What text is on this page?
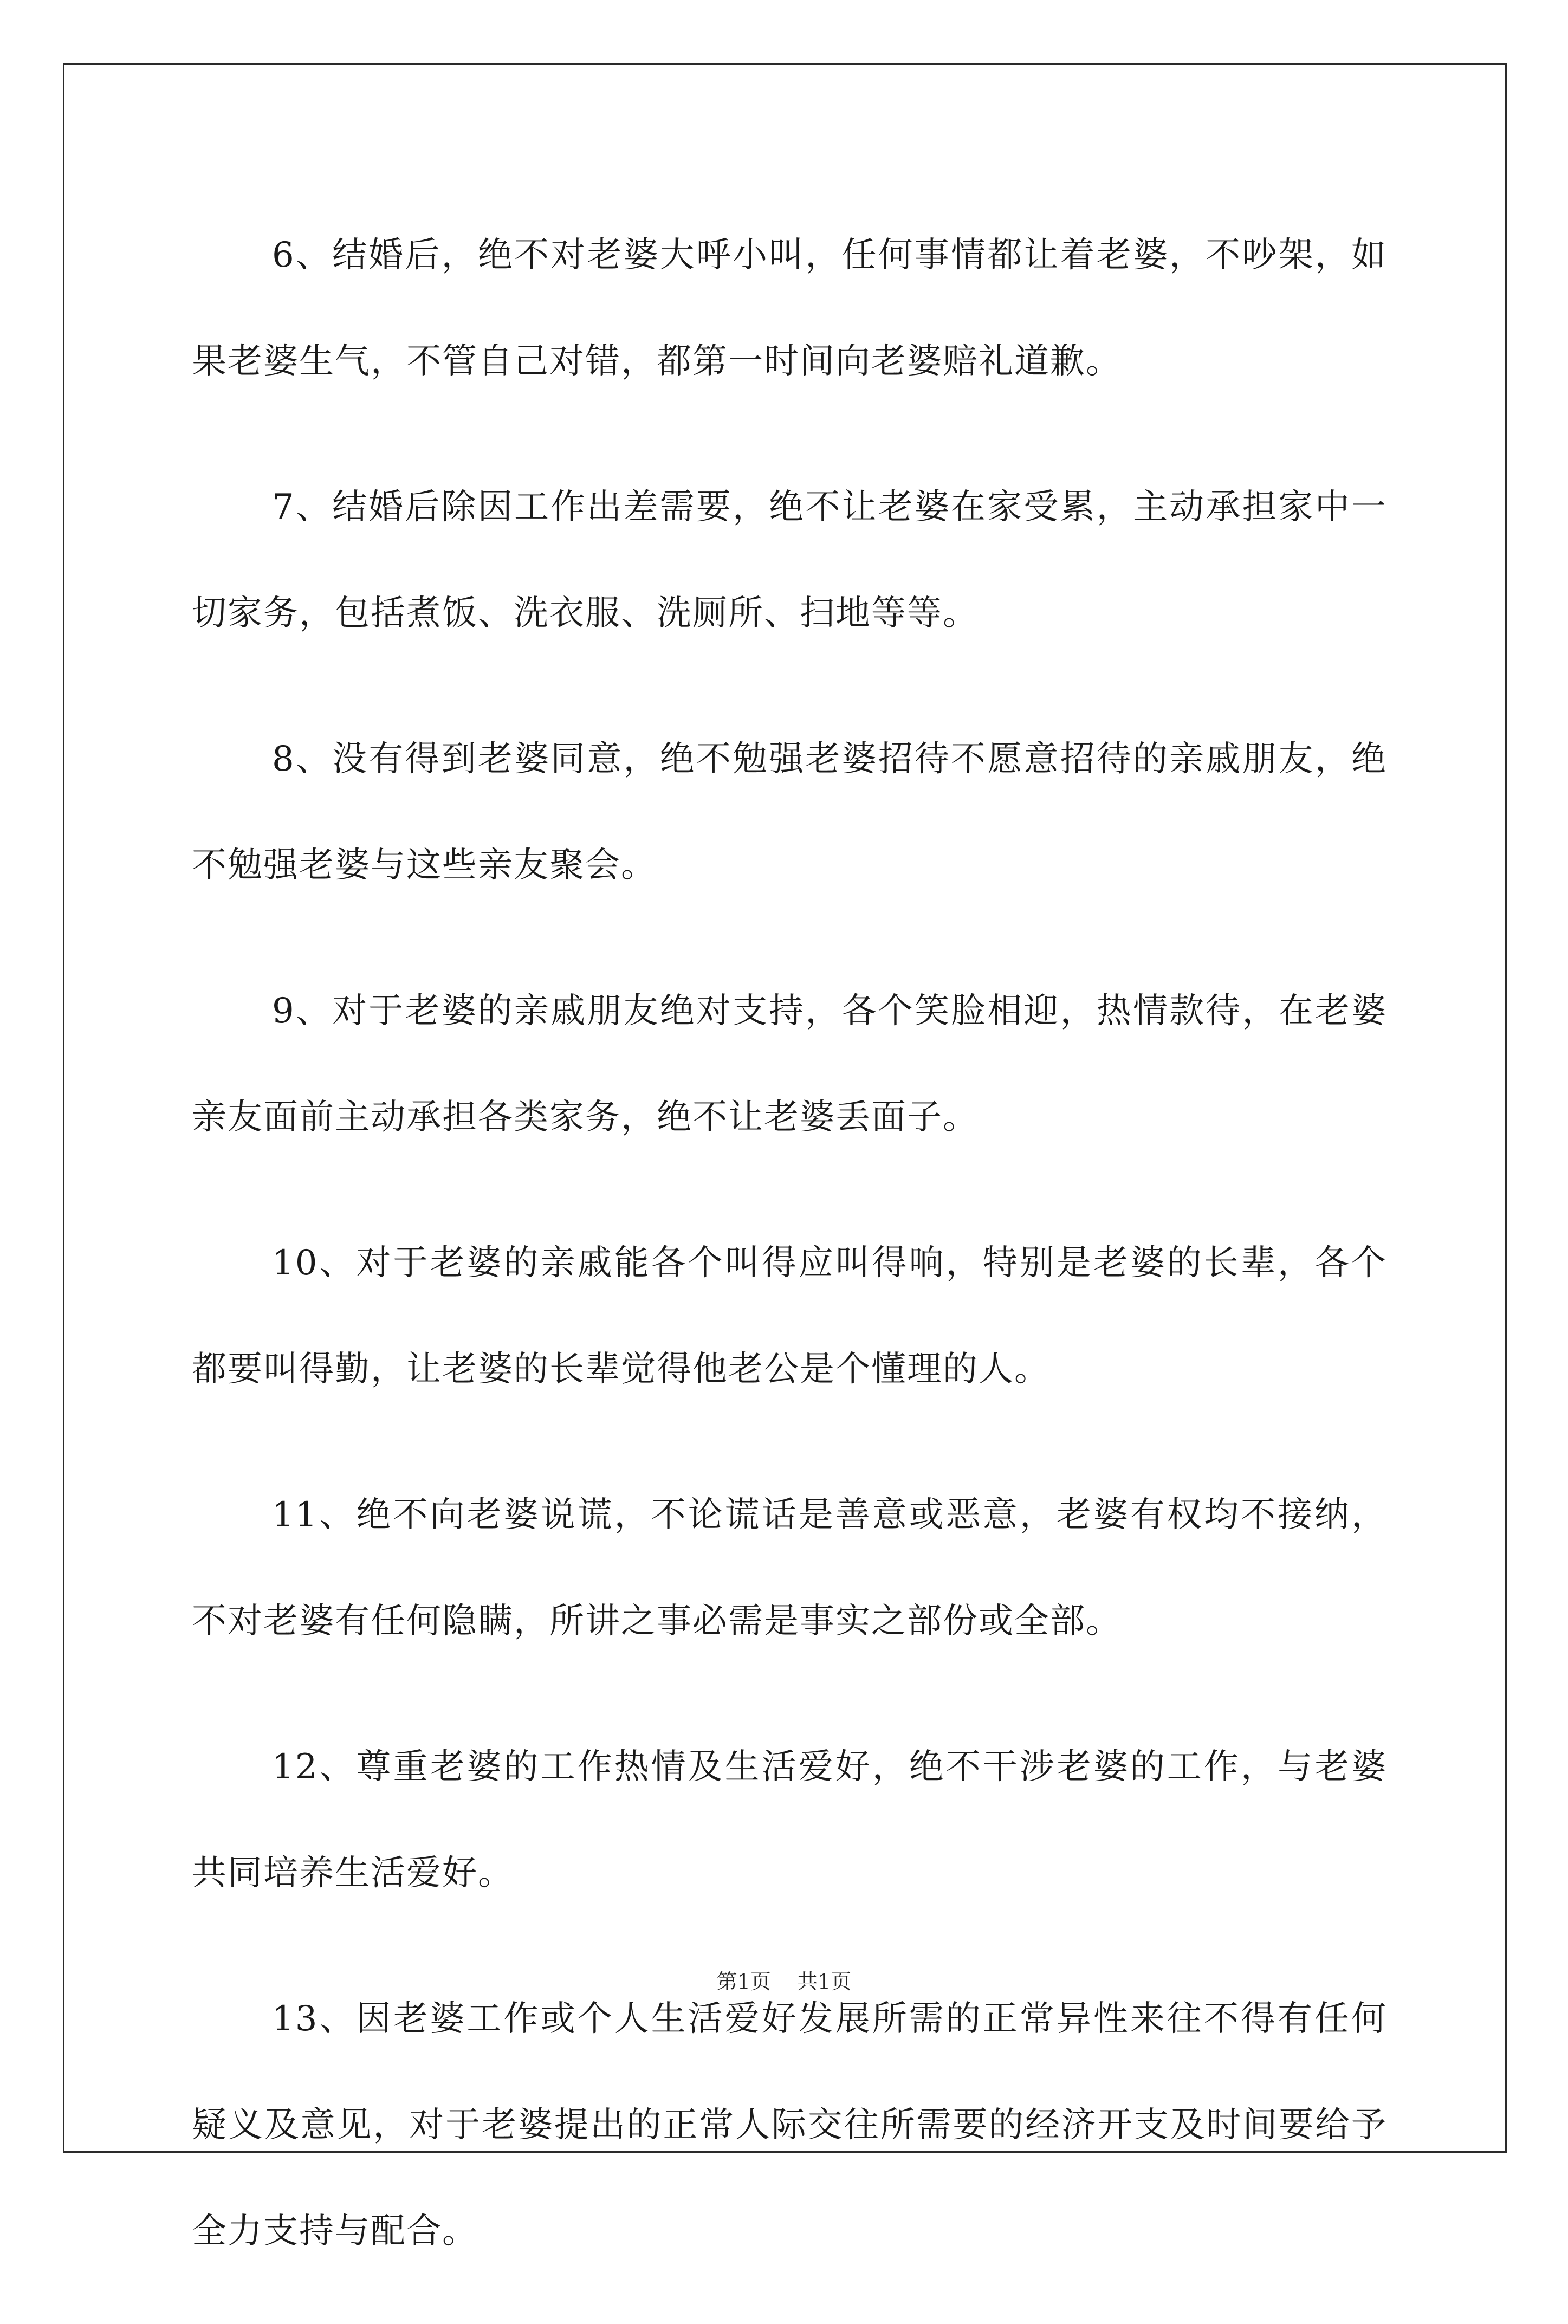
6、结婚后，绝不对老婆大呼小叫，任何事情都让着老婆，不吵架，如果老婆生气，不管自己对错，都第一时间向老婆赔礼道歉。

7、结婚后除因工作出差需要，绝不让老婆在家受累，主动承担家中一切家务，包括煮饭、洗衣服、洗厕所、扫地等等。

8、没有得到老婆同意，绝不勉强老婆招待不愿意招待的亲戚朋友，绝不勉强老婆与这些亲友聚会。

9、对于老婆的亲戚朋友绝对支持，各个笑脸相迎，热情款待，在老婆亲友面前主动承担各类家务，绝不让老婆丢面子。

10、对于老婆的亲戚能各个叫得应叫得响，特别是老婆的长辈，各个都要叫得勤，让老婆的长辈觉得他老公是个懂理的人。

11、绝不向老婆说谎，不论谎话是善意或恶意，老婆有权均不接纳，不对老婆有任何隐瞒，所讲之事必需是事实之部份或全部。

12、尊重老婆的工作热情及生活爱好，绝不干涉老婆的工作，与老婆共同培养生活爱好。

13、因老婆工作或个人生活爱好发展所需的正常异性来往不得有任何疑义及意见，对于老婆提出的正常人际交往所需要的经济开支及时间要给予全力支持与配合。

第1页 共1页
